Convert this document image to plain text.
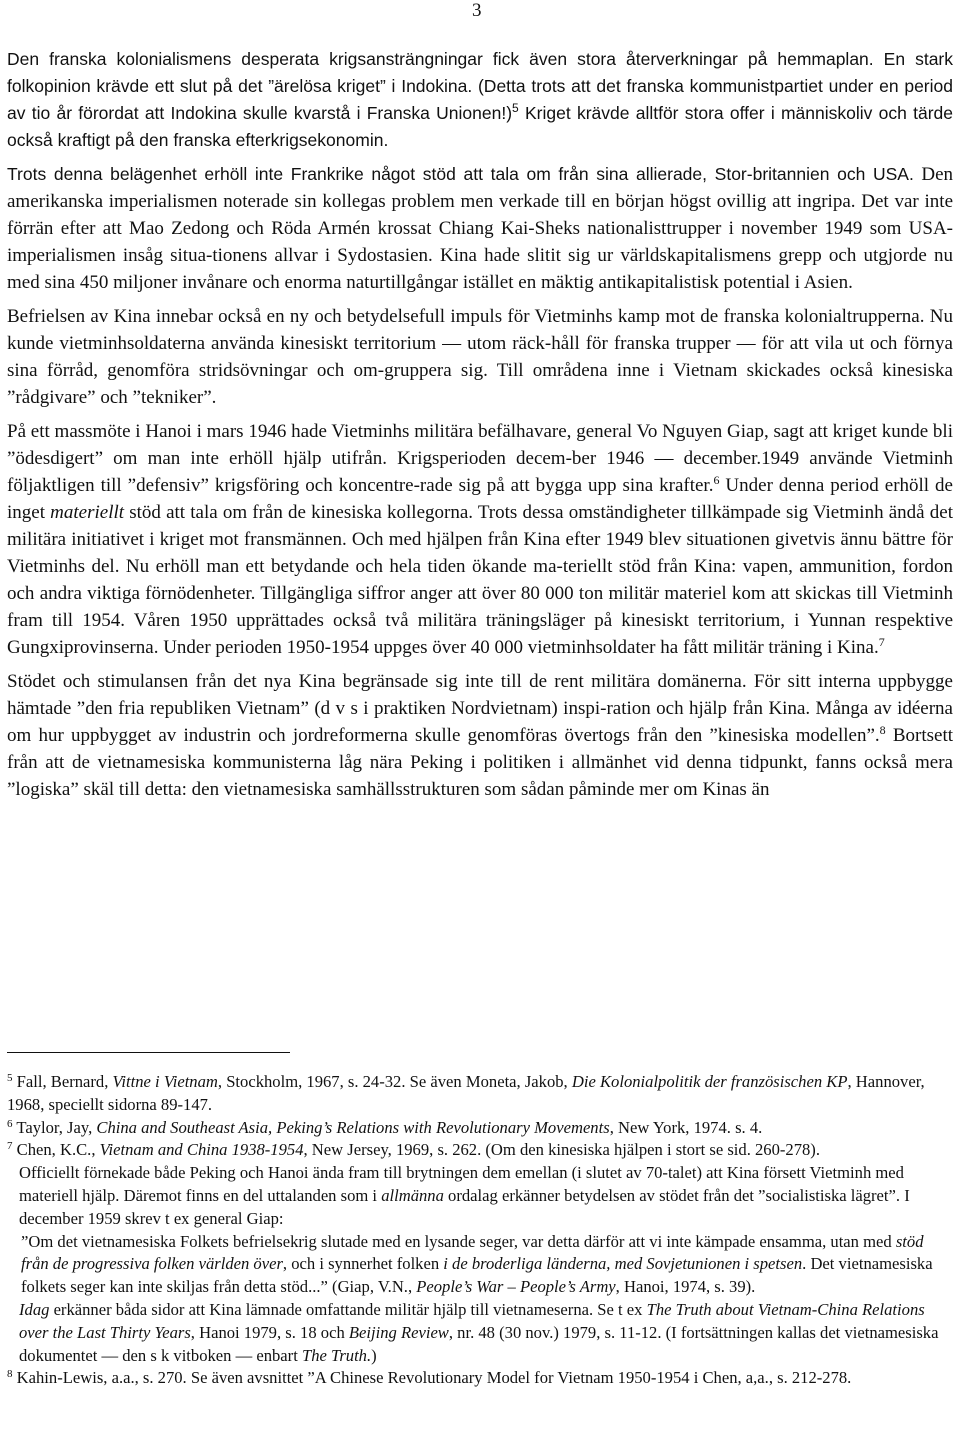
3

Den franska kolonialismens desperata krigsansträngningar fick även stora återverkningar på hemmaplan. En stark folkopinion krävde ett slut på det ”ärelösa kriget” i Indokina. (Detta trots att det franska kommunistpartiet under en period av tio år förordat att Indokina skulle kvarstå i Franska Unionen!)$^5$ Kriget krävde alltför stora offer i människoliv och tärde också kraftigt på den franska efterkrigsekonomin.

Trots denna belägenhet erhöll inte Frankrike något stöd att tala om från sina allierade, Stor-britannien och USA. Den amerikanska imperialismen noterade sin kollegas problem men verkade till en början högst ovillig att ingripa. Det var inte förrän efter att Mao Zedong och Röda Armén krossat Chiang Kai-Sheks nationalisttrupper i november 1949 som USA-imperialismen insåg situa-tionens allvar i Sydostasien. Kina hade slitit sig ur världskapitalismens grepp och utgjorde nu med sina 450 miljoner invånare och enorma naturtillgångar istället en mäktig antikapitalistisk potential i Asien.

Befrielsen av Kina innebar också en ny och betydelsefull impuls för Vietminhs kamp mot de franska kolonialtrupperna. Nu kunde vietminhsoldaterna använda kinesiskt territorium — utom räck-håll för franska trupper — för att vila ut och förnya sina förråd, genomföra stridsövningar och om-gruppera sig. Till områdena inne i Vietnam skickades också kinesiska ”rådgivare” och ”tekniker”.

På ett massmöte i Hanoi i mars 1946 hade Vietminhs militära befälhavare, general Vo Nguyen Giap, sagt att kriget kunde bli ”ödesdigert” om man inte erhöll hjälp utifrån. Krigsperioden decem-ber 1946 — december.1949 använde Vietminh följaktligen till ”defensiv” krigsföring och koncentre-rade sig på att bygga upp sina krafter.$^6$ Under denna period erhöll de inget materiellt stöd att tala om från de kinesiska kollegorna. Trots dessa omständigheter tillkämpade sig Vietminh ändå det militära initiativet i kriget mot fransmännen. Och med hjälpen från Kina efter 1949 blev situationen givetvis ännu bättre för Vietminhs del. Nu erhöll man ett betydande och hela tiden ökande ma-teriellt stöd från Kina: vapen, ammunition, fordon och andra viktiga förnödenheter. Tillgängliga siffror anger att över 80 000 ton militär materiel kom att skickas till Vietminh fram till 1954. Våren 1950 upprättades också två militära träningsläger på kinesiskt territorium, i Yunnan respektive Gungxiprovinserna. Under perioden 1950-1954 uppges över 40 000 vietminhsoldater ha fått militär träning i Kina.$^7$

Stödet och stimulansen från det nya Kina begränsade sig inte till de rent militära domänerna. För sitt interna uppbygge hämtade ”den fria republiken Vietnam” (d v s i praktiken Nordvietnam) inspi-ration och hjälp från Kina. Många av idéerna om hur uppbygget av industrin och jordreformerna skulle genomföras övertogs från den ”kinesiska modellen”.$^8$ Bortsett från att de vietnamesiska kommunisterna låg nära Peking i politiken i allmänhet vid denna tidpunkt, fanns också mera ”logiska” skäl till detta: den vietnamesiska samhällsstrukturen som sådan påminde mer om Kinas än

$^5$ Fall, Bernard, Vittne i Vietnam, Stockholm, 1967, s. 24-32. Se även Moneta, Jakob, Die Kolonialpolitik der französischen KP, Hannover, 1968, speciellt sidorna 89-147.

$^6$ Taylor, Jay, China and Southeast Asia, Peking’s Relations with Revolutionary Movements, New York, 1974. s. 4.

$^7$ Chen, K.C., Vietnam and China 1938-1954, New Jersey, 1969, s. 262. (Om den kinesiska hjälpen i stort se sid. 260-278).

Officiellt förnekade både Peking och Hanoi ända fram till brytningen dem emellan (i slutet av 70-talet) att Kina försett Vietminh med materiell hjälp. Däremot finns en del uttalanden som i allmänna ordalag erkänner betydelsen av stödet från det ”socialistiska lägret”. I december 1959 skrev t ex general Giap:

”Om det vietnamesiska Folkets befrielsekrig slutade med en lysande seger, var detta därför att vi inte kämpade ensamma, utan med stöd från de progressiva folken världen över, och i synnerhet folken i de broderliga länderna, med Sovjetunionen i spetsen. Det vietnamesiska folkets seger kan inte skiljas från detta stöd...” (Giap, V.N., People’s War – People’s Army, Hanoi, 1974, s. 39).

Idag erkänner båda sidor att Kina lämnade omfattande militär hjälp till vietnameserna. Se t ex The Truth about Vietnam-China Relations over the Last Thirty Years, Hanoi 1979, s. 18 och Beijing Review, nr. 48 (30 nov.) 1979, s. 11-12. (I fortsättningen kallas det vietnamesiska dokumentet — den s k vitboken — enbart The Truth.)

$^8$ Kahin-Lewis, a.a., s. 270. Se även avsnittet ”A Chinese Revolutionary Model for Vietnam 1950-1954 i Chen, a,a., s. 212-278.
